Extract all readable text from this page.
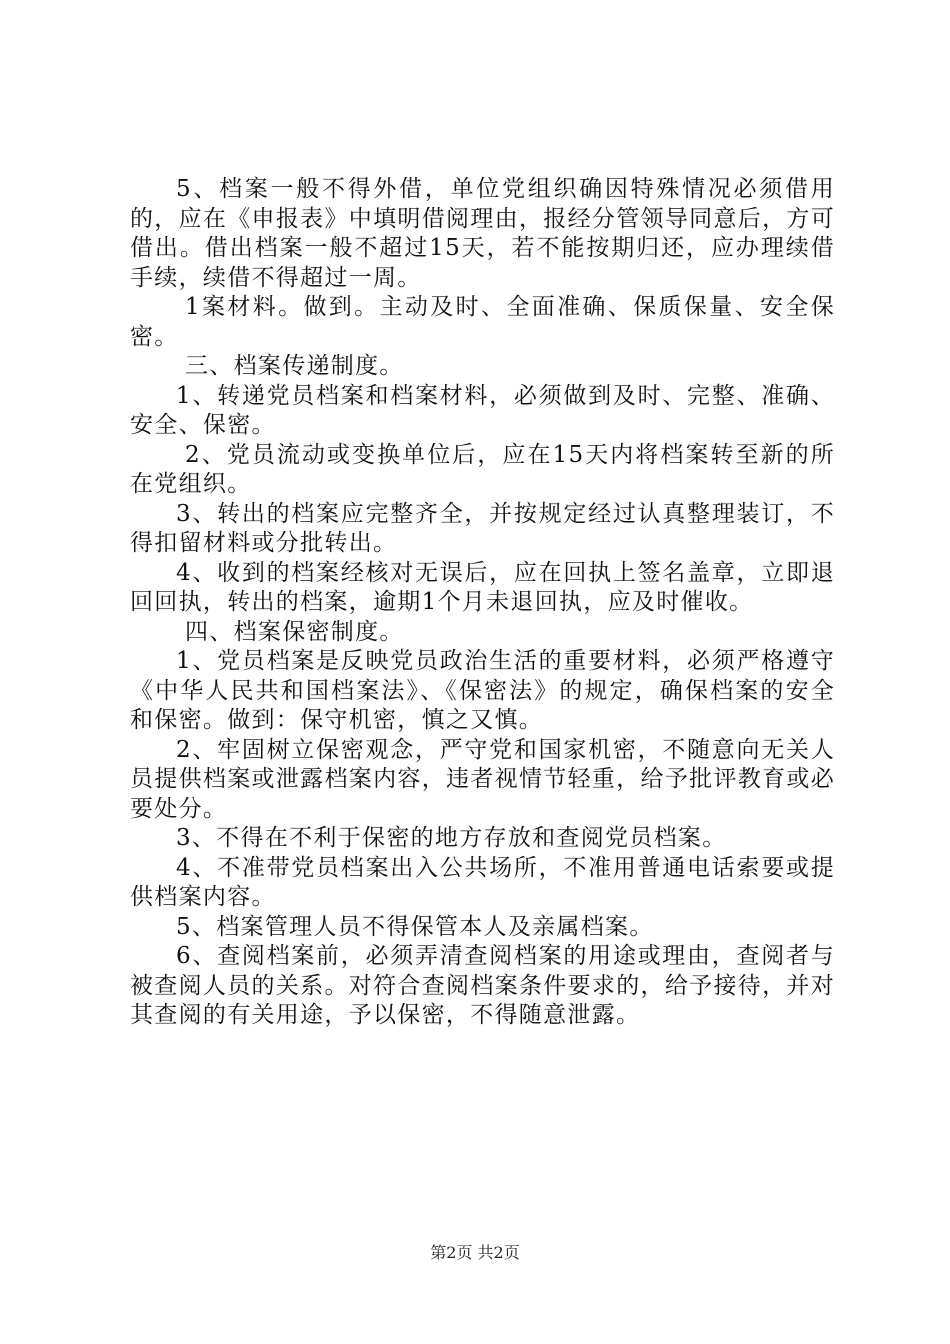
5、档案一般不得外借，单位党组织确因特殊情况必须借用的，应在《申报表》中填明借阅理由，报经分管领导同意后，方可借出。借出档案一般不超过15天，若不能按期归还，应办理续借手续，续借不得超过一周。

1案材料。做到。主动及时、全面准确、保质保量、安全保密。

三、档案传递制度。

1、转递党员档案和档案材料，必须做到及时、完整、准确、安全、保密。

2、党员流动或变换单位后，应在15天内将档案转至新的所在党组织。

3、转出的档案应完整齐全，并按规定经过认真整理装订，不得扣留材料或分批转出。

4、收到的档案经核对无误后，应在回执上签名盖章，立即退回回执，转出的档案，逾期1个月未退回执，应及时催收。

四、档案保密制度。

1、党员档案是反映党员政治生活的重要材料，必须严格遵守《中华人民共和国档案法》、《保密法》的规定，确保档案的安全和保密。做到：保守机密，慎之又慎。

2、牢固树立保密观念，严守党和国家机密，不随意向无关人员提供档案或泄露档案内容，违者视情节轻重，给予批评教育或必要处分。

3、不得在不利于保密的地方存放和查阅党员档案。

4、不准带党员档案出入公共场所，不准用普通电话索要或提供档案内容。

5、档案管理人员不得保管本人及亲属档案。

6、查阅档案前，必须弄清查阅档案的用途或理由，查阅者与被查阅人员的关系。对符合查阅档案条件要求的，给予接待，并对其查阅的有关用途，予以保密，不得随意泄露。

第2页 共2页
